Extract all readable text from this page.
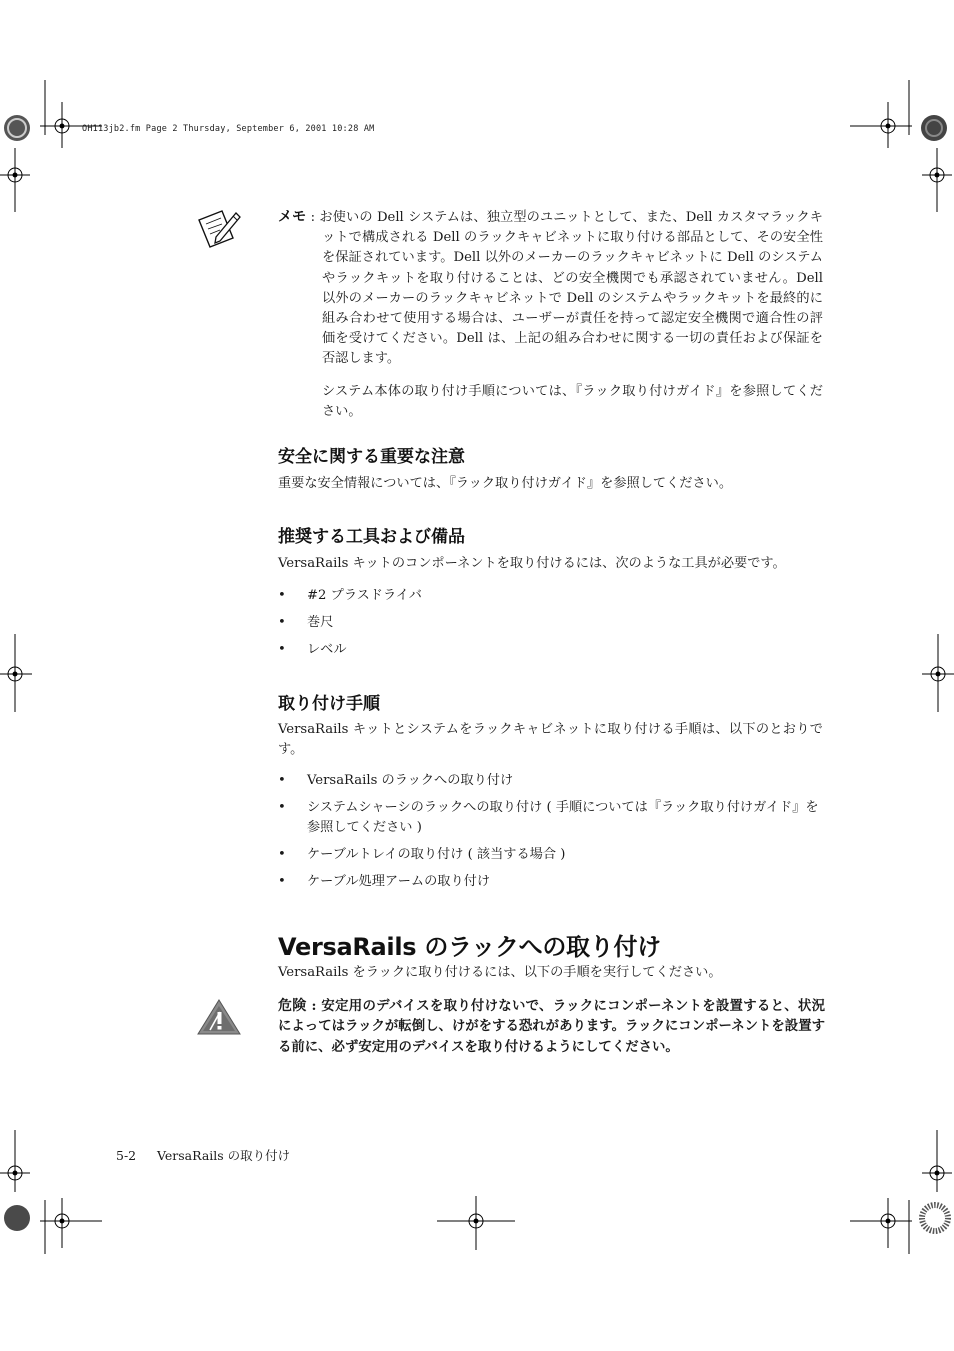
OH113jb2.fm Page 2 Thursday, September 6, 2001 10:28 AM

メモ : お使いの Dell システムは、独立型のユニットとして、また、Dell カスタマラックキットで構成される Dell のラックキャビネットに取り付ける部品として、その安全性を保証されています。Dell 以外のメーカーのラックキャビネットに Dell のシステムやラックキットを取り付けることは、どの安全機関でも承認されていません。Dell 以外のメーカーのラックキャビネットで Dell のシステムやラックキットを最終的に組み合わせて使用する場合は、ユーザーが責任を持って認定安全機関で適合性の評価を受けてください。Dell は、上記の組み合わせに関する一切の責任および保証を否認します。

システム本体の取り付け手順については、『ラック取り付けガイド』を参照してください。

安全に関する重要な注意

重要な安全情報については、『ラック取り付けガイド』を参照してください。

推奨する工具および備品

VersaRails キットのコンポーネントを取り付けるには、次のような工具が必要です。

•	#2 プラスドライバ
•	巻尺
•	レベル
取り付け手順

VersaRails キットとシステムをラックキャビネットに取り付ける手順は、以下のとおりです。

•	VersaRails のラックへの取り付け
•	システムシャーシのラックへの取り付け ( 手順については『ラック取り付けガイド』を参照してください )
•	ケーブルトレイの取り付け ( 該当する場合 )
•	ケーブル処理アームの取り付け
VersaRails のラックへの取り付け

VersaRails をラックに取り付けるには、以下の手順を実行してください。

危険 : 安定用のデバイスを取り付けないで、ラックにコンポーネントを設置すると、状況によってはラックが転倒し、けがをする恐れがあります。ラックにコンポーネントを設置する前に、必ず安定用のデバイスを取り付けるようにしてください。
5-2 VersaRails の取り付け
